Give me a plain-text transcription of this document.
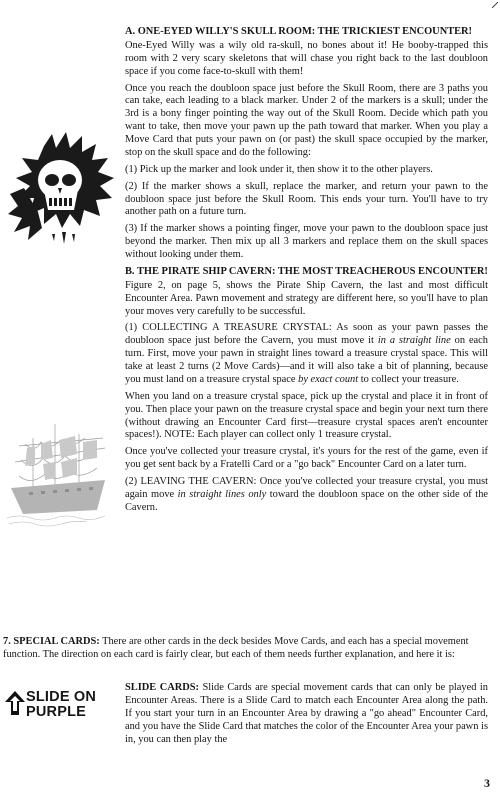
A. ONE-EYED WILLY'S SKULL ROOM: THE TRICKIEST ENCOUNTER!

One-Eyed Willy was a wily old ra-skull, no bones about it! He booby-trapped this room with 2 very scary skeletons that will chase you right back to the last doubloon space if you come face-to-skull with them!

Once you reach the doubloon space just before the Skull Room, there are 3 paths you can take, each leading to a black marker. Under 2 of the markers is a skull; under the 3rd is a bony finger pointing the way out of the Skull Room. Decide which path you want to take, then move your pawn up the path toward that marker. When you play a Move Card that puts your pawn on (or past) the skull space occupied by the marker, stop on the skull space and do the following:

(1) Pick up the marker and look under it, then show it to the other players.

(2) If the marker shows a skull, replace the marker, and return your pawn to the doubloon space just before the Skull Room. This ends your turn. You'll have to try another path on a future turn.

(3) If the marker shows a pointing finger, move your pawn to the doubloon space just beyond the marker. Then mix up all 3 markers and replace them on the skull spaces without looking under them.

B. THE PIRATE SHIP CAVERN: THE MOST TREACHEROUS ENCOUNTER!

Figure 2, on page 5, shows the Pirate Ship Cavern, the last and most difficult Encounter Area. Pawn movement and strategy are different here, so you'll have to plan your moves very carefully to be successful.

(1) COLLECTING A TREASURE CRYSTAL: As soon as your pawn passes the doubloon space just before the Cavern, you must move it in a straight line on each turn. First, move your pawn in straight lines toward a treasure crystal space. This will take at least 2 turns (2 Move Cards)—and it will also take a bit of planning, because you must land on a treasure crystal space by exact count to collect your treasure.

When you land on a treasure crystal space, pick up the crystal and place it in front of you. Then place your pawn on the treasure crystal space and begin your next turn there (without drawing an Encounter Card first—treasure crystal spaces aren't encounter spaces!). NOTE: Each player can collect only 1 treasure crystal.

Once you've collected your treasure crystal, it's yours for the rest of the game, even if you get sent back by a Fratelli Card or a "go back" Encounter Card on a later turn.

(2) LEAVING THE CAVERN: Once you've collected your treasure crystal, you must again move in straight lines only toward the doubloon space on the other side of the Cavern.

7. SPECIAL CARDS: There are other cards in the deck besides Move Cards, and each has a special movement function. The direction on each card is fairly clear, but each of them needs further explanation, and here it is:
SLIDE ON
PURPLE
SLIDE CARDS: Slide Cards are special movement cards that can only be played in Encounter Areas. There is a Slide Card to match each Encounter Area along the path. If you start your turn in an Encounter Area by drawing a "go ahead" Encounter Card, and you have the Slide Card that matches the color of the Encounter Area your pawn is in, you can then play the
3
